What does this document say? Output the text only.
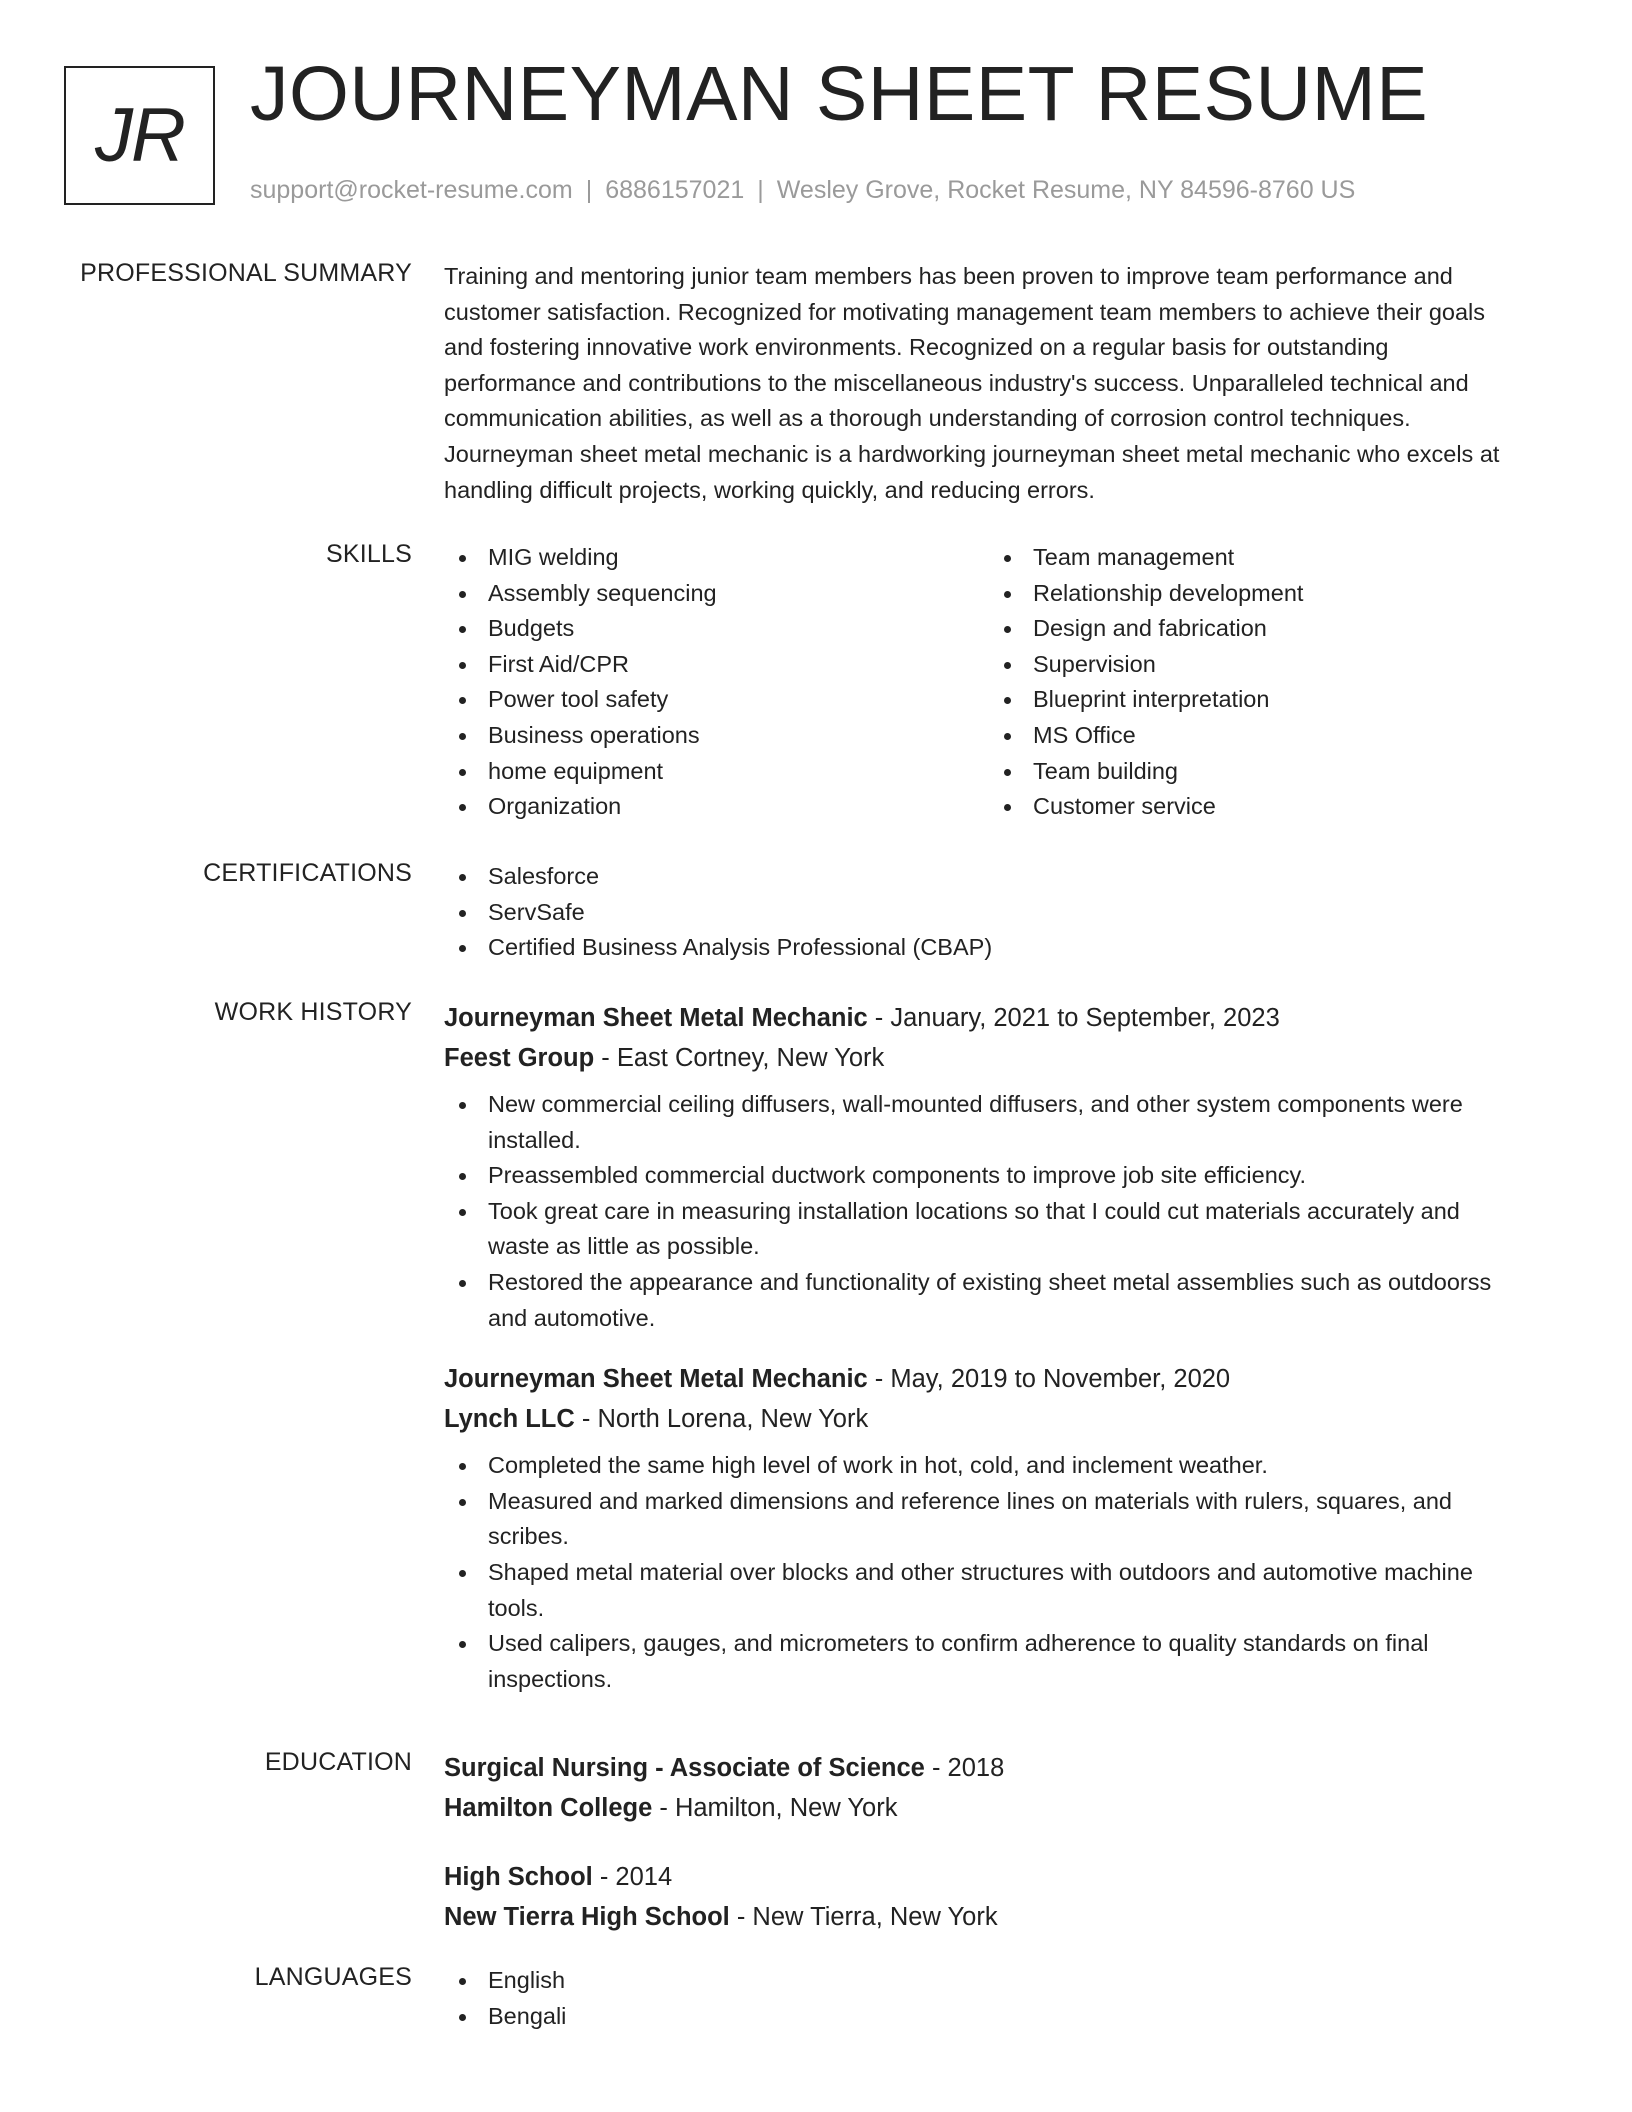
JR JOURNEYMAN SHEET RESUME
support@rocket-resume.com | 6886157021 | Wesley Grove, Rocket Resume, NY 84596-8760 US
PROFESSIONAL SUMMARY Training and mentoring junior team members has been proven to improve team performance and
customer satisfaction. Recognized for motivating management team members to achieve their goals
and fostering innovative work environments. Recognized on a regular basis for outstanding
performance and contributions to the miscellaneous industry's success. Unparalleled technical and
communication abilities, as well as a thorough understanding of corrosion control techniques.
Journeyman sheet metal mechanic is a hardworking journeyman sheet metal mechanic who excels at
handling difficult projects, working quickly, and reducing errors.
SKILLS	MIG welding
Assembly sequencing
Budgets
First Aid/CPR
Power tool safety
Business operations
home equipment
Organization
Team management
Relationship development
Design and fabrication
Supervision
Blueprint interpretation
MS Office
Team building
Customer service
CERTIFICATIONS	Salesforce
ServSafe
Certified Business Analysis Professional (CBAP)
WORK HISTORY Journeyman Sheet Metal Mechanic - January, 2021 to September, 2023
Feest Group - East Cortney, New York
New commercial ceiling diffusers, wall-mounted diffusers, and other system components were
installed.
Preassembled commercial ductwork components to improve job site efficiency.
Took great care in measuring installation locations so that I could cut materials accurately and
waste as little as possible.
Restored the appearance and functionality of existing sheet metal assemblies such as outdoorss
and automotive.
Journeyman Sheet Metal Mechanic - May, 2019 to November, 2020
Lynch LLC - North Lorena, New York
Completed the same high level of work in hot, cold, and inclement weather.
Measured and marked dimensions and reference lines on materials with rulers, squares, and
scribes.
Shaped metal material over blocks and other structures with outdoors and automotive machine
tools.
Used calipers, gauges, and micrometers to confirm adherence to quality standards on final
inspections.
EDUCATION Surgical Nursing - Associate of Science - 2018
Hamilton College - Hamilton, New York
High School - 2014
New Tierra High School - New Tierra, New York
LANGUAGES	English
Bengali
